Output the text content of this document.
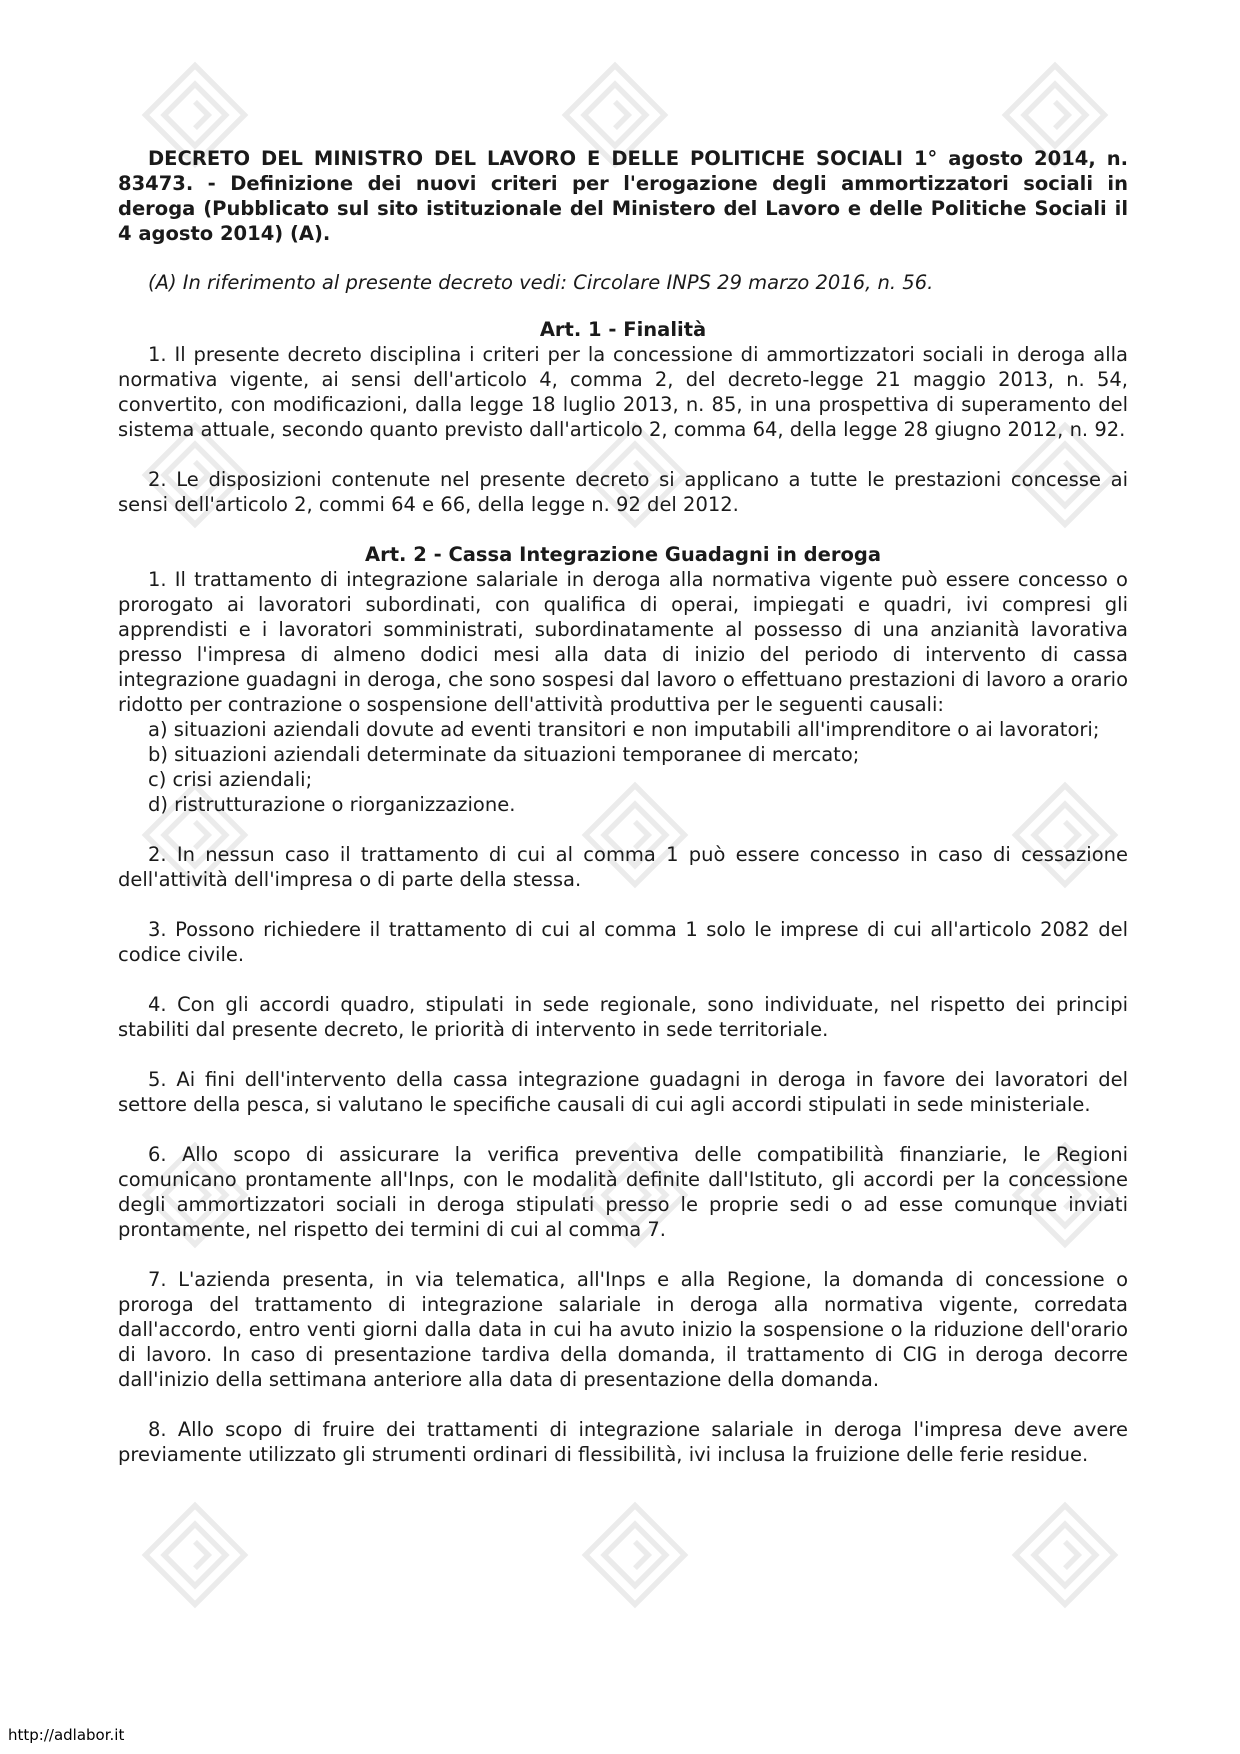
DECRETO DEL MINISTRO DEL LAVORO E DELLE POLITICHE SOCIALI 1° agosto 2014, n. 83473. - Definizione dei nuovi criteri per l'erogazione degli ammortizzatori sociali in deroga (Pubblicato sul sito istituzionale del Ministero del Lavoro e delle Politiche Sociali il 4 agosto 2014) (A).

(A) In riferimento al presente decreto vedi: Circolare INPS 29 marzo 2016, n. 56.

Art. 1 - Finalità

1. Il presente decreto disciplina i criteri per la concessione di ammortizzatori sociali in deroga alla normativa vigente, ai sensi dell'articolo 4, comma 2, del decreto-legge 21 maggio 2013, n. 54, convertito, con modificazioni, dalla legge 18 luglio 2013, n. 85, in una prospettiva di superamento del sistema attuale, secondo quanto previsto dall'articolo 2, comma 64, della legge 28 giugno 2012, n. 92.

2. Le disposizioni contenute nel presente decreto si applicano a tutte le prestazioni concesse ai sensi dell'articolo 2, commi 64 e 66, della legge n. 92 del 2012.

Art. 2 - Cassa Integrazione Guadagni in deroga

1. Il trattamento di integrazione salariale in deroga alla normativa vigente può essere concesso o prorogato ai lavoratori subordinati, con qualifica di operai, impiegati e quadri, ivi compresi gli apprendisti e i lavoratori somministrati, subordinatamente al possesso di una anzianità lavorativa presso l'impresa di almeno dodici mesi alla data di inizio del periodo di intervento di cassa integrazione guadagni in deroga, che sono sospesi dal lavoro o effettuano prestazioni di lavoro a orario ridotto per contrazione o sospensione dell'attività produttiva per le seguenti causali:

a) situazioni aziendali dovute ad eventi transitori e non imputabili all'imprenditore o ai lavoratori;

b) situazioni aziendali determinate da situazioni temporanee di mercato;

c) crisi aziendali;

d) ristrutturazione o riorganizzazione.

2. In nessun caso il trattamento di cui al comma 1 può essere concesso in caso di cessazione dell'attività dell'impresa o di parte della stessa.

3. Possono richiedere il trattamento di cui al comma 1 solo le imprese di cui all'articolo 2082 del codice civile.

4. Con gli accordi quadro, stipulati in sede regionale, sono individuate, nel rispetto dei principi stabiliti dal presente decreto, le priorità di intervento in sede territoriale.

5. Ai fini dell'intervento della cassa integrazione guadagni in deroga in favore dei lavoratori del settore della pesca, si valutano le specifiche causali di cui agli accordi stipulati in sede ministeriale.

6. Allo scopo di assicurare la verifica preventiva delle compatibilità finanziarie, le Regioni comunicano prontamente all'Inps, con le modalità definite dall'Istituto, gli accordi per la concessione degli ammortizzatori sociali in deroga stipulati presso le proprie sedi o ad esse comunque inviati prontamente, nel rispetto dei termini di cui al comma 7.

7. L'azienda presenta, in via telematica, all'Inps e alla Regione, la domanda di concessione o proroga del trattamento di integrazione salariale in deroga alla normativa vigente, corredata dall'accordo, entro venti giorni dalla data in cui ha avuto inizio la sospensione o la riduzione dell'orario di lavoro. In caso di presentazione tardiva della domanda, il trattamento di CIG in deroga decorre dall'inizio della settimana anteriore alla data di presentazione della domanda.

8. Allo scopo di fruire dei trattamenti di integrazione salariale in deroga l'impresa deve avere previamente utilizzato gli strumenti ordinari di flessibilità, ivi inclusa la fruizione delle ferie residue.

http://adlabor.it
